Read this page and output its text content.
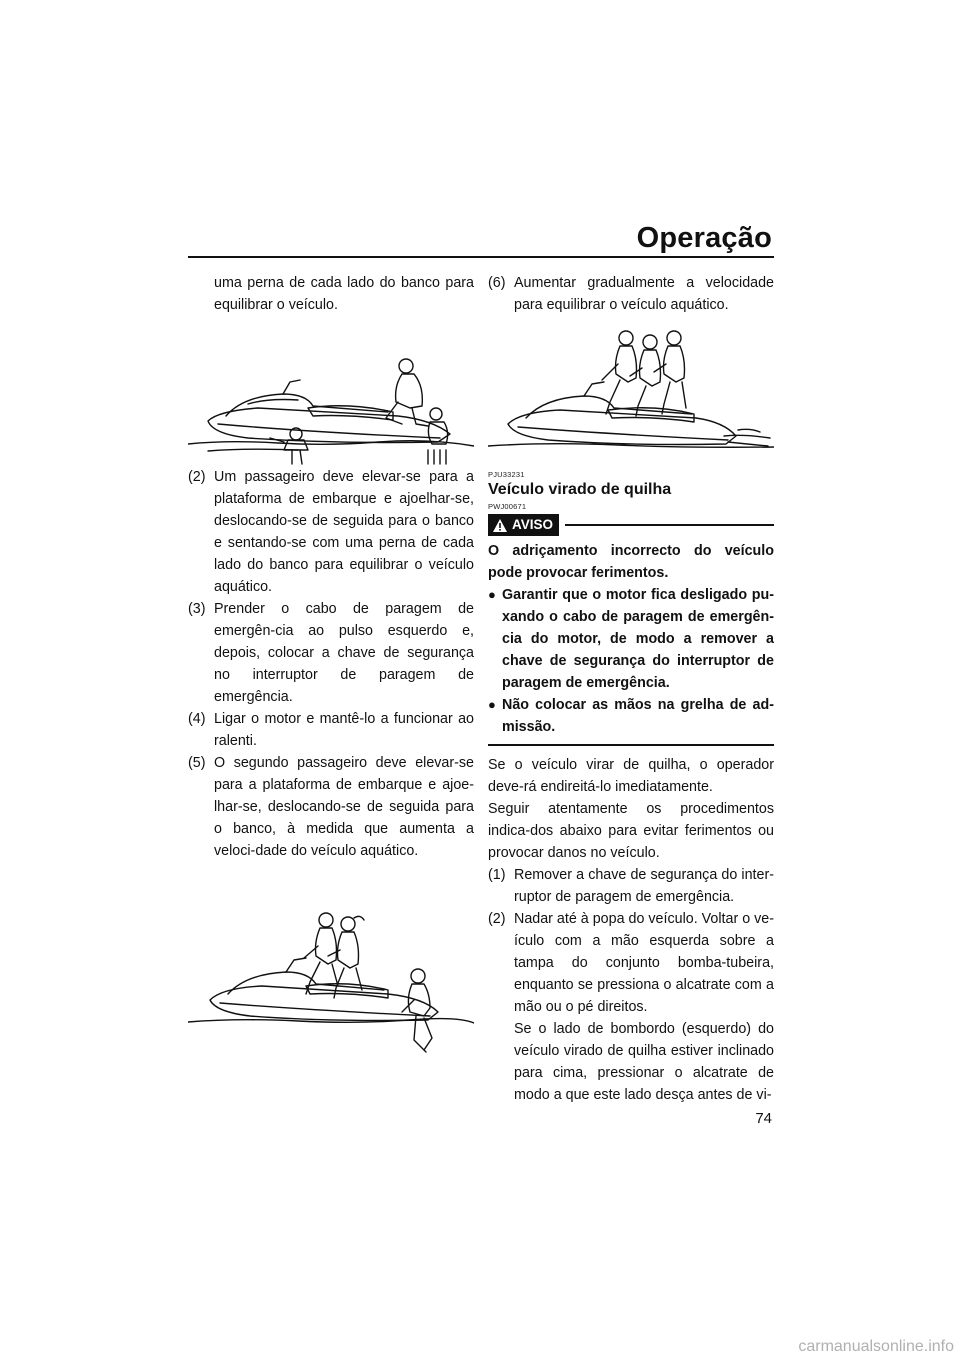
Operação

uma perna de cada lado do banco para equilibrar o veículo.

(2) Um passageiro deve elevar-se para a plataforma de embarque e ajoelhar-se, deslocando-se de seguida para o banco e sentando-se com uma perna de cada lado do banco para equilibrar o veículo aquático.
(3) Prender o cabo de paragem de emergên-cia ao pulso esquerdo e, depois, colocar a chave de segurança no interruptor de paragem de emergência.
(4) Ligar o motor e mantê-lo a funcionar ao ralenti.
(5) O segundo passageiro deve elevar-se para a plataforma de embarque e ajoe-lhar-se, deslocando-se de seguida para o banco, à medida que aumenta a veloci-dade do veículo aquático.
(6) Aumentar gradualmente a velocidade para equilibrar o veículo aquático.
PJU33231
Veículo virado de quilha
PWJ00671
AVISO

O adriçamento incorrecto do veículo pode provocar ferimentos.

● Garantir que o motor fica desligado pu-xando o cabo de paragem de emergên-cia do motor, de modo a remover a chave de segurança do interruptor de paragem de emergência.
● Não colocar as mãos na grelha de ad-missão.

Se o veículo virar de quilha, o operador deve-rá endireitá-lo imediatamente.

Seguir atentamente os procedimentos indica-dos abaixo para evitar ferimentos ou provocar danos no veículo.

(1) Remover a chave de segurança do inter-ruptor de paragem de emergência.
(2) Nadar até à popa do veículo. Voltar o ve-ículo com a mão esquerda sobre a tampa do conjunto bomba-tubeira, enquanto se pressiona o alcatrate com a mão ou o pé direitos.

Se o lado de bombordo (esquerdo) do veículo virado de quilha estiver inclinado para cima, pressionar o alcatrate de modo a que este lado desça antes de vi-

74
carmanualsonline.info
